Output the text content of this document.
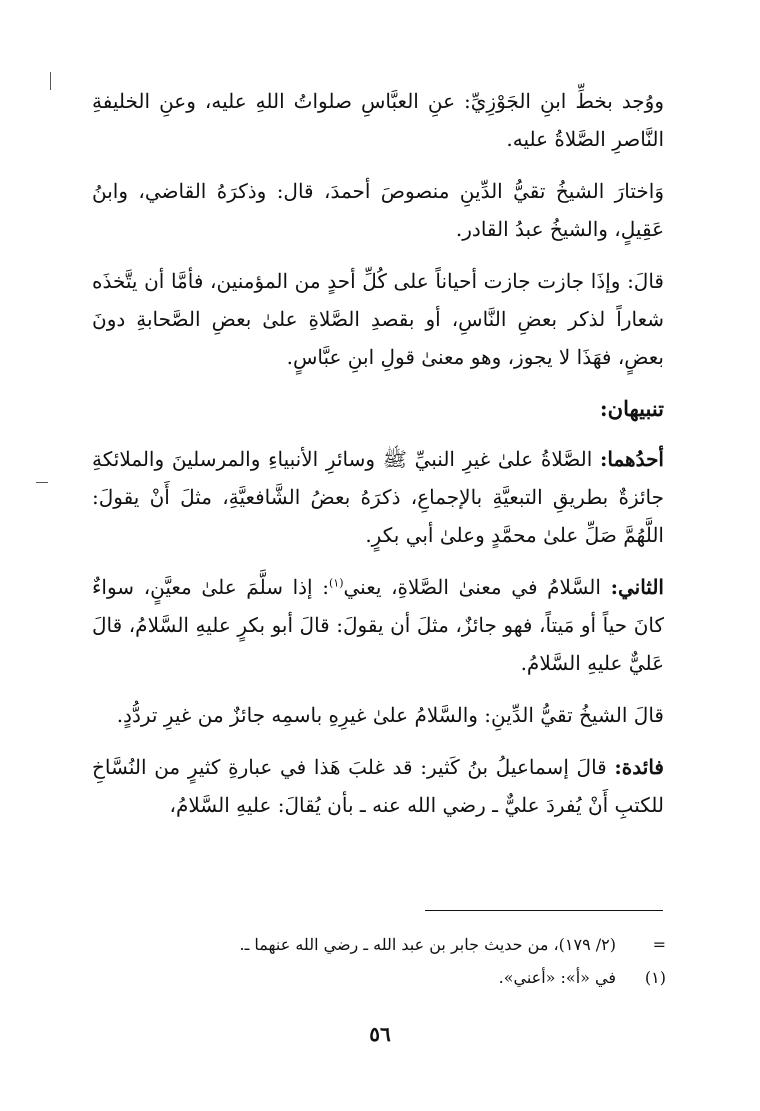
ووُجد بخطِّ ابنِ الجَوْزِيِّ: عنِ العبَّاسِ صلواتُ اللهِ عليه، وعنِ الخليفةِ النَّاصرِ الصَّلاةُ عليه.

وَاختارَ الشيخُ تقيُّ الدِّينِ منصوصَ أحمدَ، قال: وذكرَهُ القاضي، وابنُ عَقِيلٍ، والشيخُ عبدُ القادر.

قالَ: وإذَا جازت جازت أحياناً على كُلِّ أحدٍ من المؤمنين، فأمَّا أن يتَّخذَه شعاراً لذكر بعضِ النَّاسِ، أو بقصدِ الصَّلاةِ علىٰ بعضِ الصَّحابةِ دونَ بعضٍ، فهَذَا لا يجوز، وهو معنىٰ قولِ ابنِ عبَّاسٍ.

تنبيهان:

أحدُهما: الصَّلاةُ علىٰ غيرِ النبيِّ ﷺ وسائرِ الأنبياءِ والمرسلينَ والملائكةِ جائزةٌ بطريقِ التبعيَّةِ بالإجماعِ، ذكرَهُ بعضُ الشَّافعيَّةِ، مثلَ أَنْ يقولَ: اللَّهُمَّ صَلِّ علىٰ محمَّدٍ وعلىٰ أبي بكرٍ.

الثاني: السَّلامُ في معنىٰ الصَّلاةِ، يعني$^{(١)}$: إذا سلَّمَ علىٰ معيَّنٍ، سواءٌ كانَ حياً أو مَيتاً، فهو جائزٌ، مثلَ أن يقولَ: قالَ أبو بكرٍ عليهِ السَّلامُ، قالَ عَليٌّ عليهِ السَّلامُ.

قالَ الشيخُ تقيُّ الدِّينِ: والسَّلامُ علىٰ غيرِهِ باسمِه جائزٌ من غيرِ تردُّدٍ.

فائدة: قالَ إسماعيلُ بنُ كَثير: قد غلبَ هَذا في عبارةِ كثيرٍ من النُسَّاخِ للكتبِ أَنْ يُفردَ عليٌّ ـ رضي الله عنه ـ بأن يُقالَ: عليهِ السَّلامُ،

=(٢/ ١٧٩)، من حديث جابر بن عبد الله ـ رضي الله عنهما ـ.
(١)في «أ»: «أعني».
٥٦
